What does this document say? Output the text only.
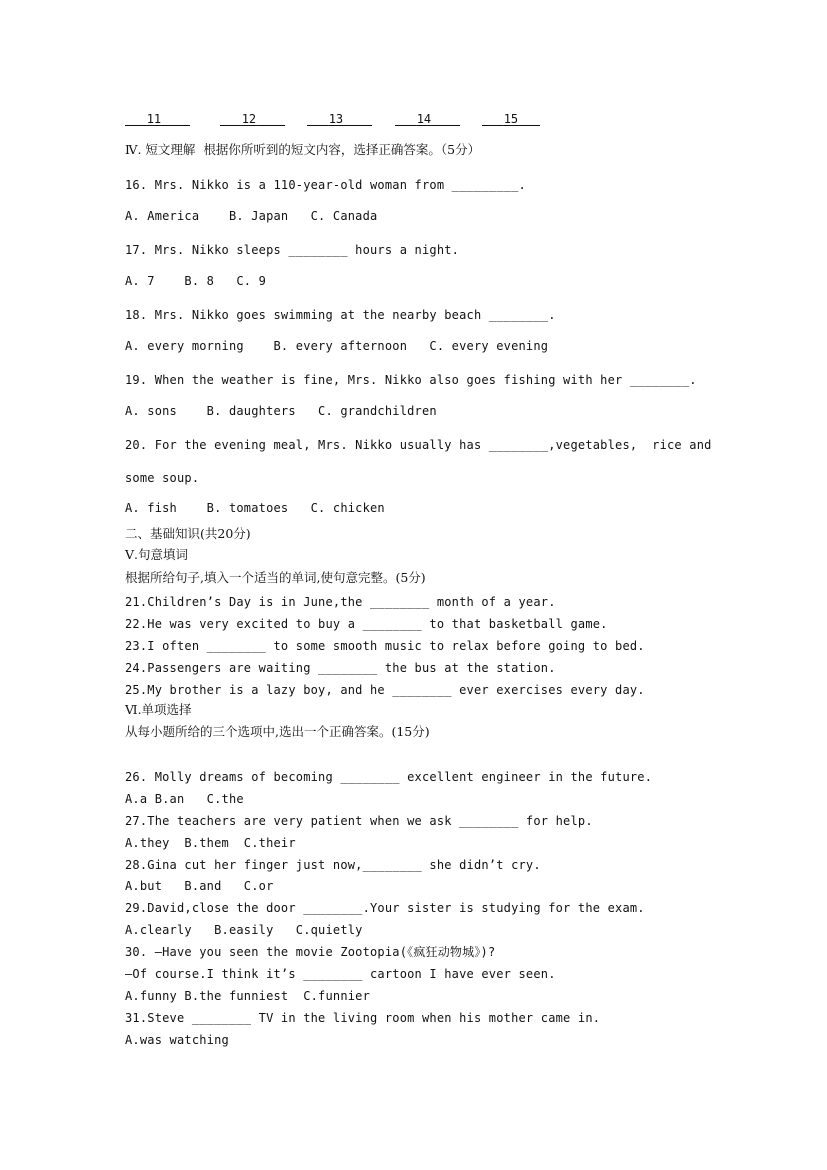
___11___ ___12____ ___13____ ___14____ ___15___
Ⅳ. 短文理解  根据你所听到的短文内容，选择正确答案。（5分）
16. Mrs. Nikko is a 110-year-old woman from _________.
A. America    B. Japan   C. Canada
17. Mrs. Nikko sleeps ________ hours a night.
A. 7    B. 8   C. 9
18. Mrs. Nikko goes swimming at the nearby beach ________.
A. every morning    B. every afternoon   C. every evening
19. When the weather is fine, Mrs. Nikko also goes fishing with her ________.
A. sons    B. daughters   C. grandchildren
20. For the evening meal, Mrs. Nikko usually has ________,vegetables,  rice and
some soup.
A. fish    B. tomatoes   C. chicken
二、基础知识(共20分)
Ⅴ.句意填词
根据所给句子,填入一个适当的单词,使句意完整。(5分)
21.Children’s Day is in June,the ________ month of a year.
22.He was very excited to buy a ________ to that basketball game.
23.I often ________ to some smooth music to relax before going to bed.
24.Passengers are waiting ________ the bus at the station.
25.My brother is a lazy boy, and he ________ ever exercises every day.
Ⅵ.单项选择
从每小题所给的三个选项中,选出一个正确答案。(15分)
26. Molly dreams of becoming ________ excellent engineer in the future.
A.a B.an   C.the
27.The teachers are very patient when we ask ________ for help.
A.they  B.them  C.their
28.Gina cut her finger just now,________ she didn’t cry.
A.but   B.and   C.or
29.David,close the door ________.Your sister is studying for the exam.
A.clearly   B.easily   C.quietly
30. —Have you seen the movie Zootopia(《疯狂动物城》)?
—Of course.I think it’s ________ cartoon I have ever seen.
A.funny B.the funniest  C.funnier
31.Steve ________ TV in the living room when his mother came in.
A.was watching
